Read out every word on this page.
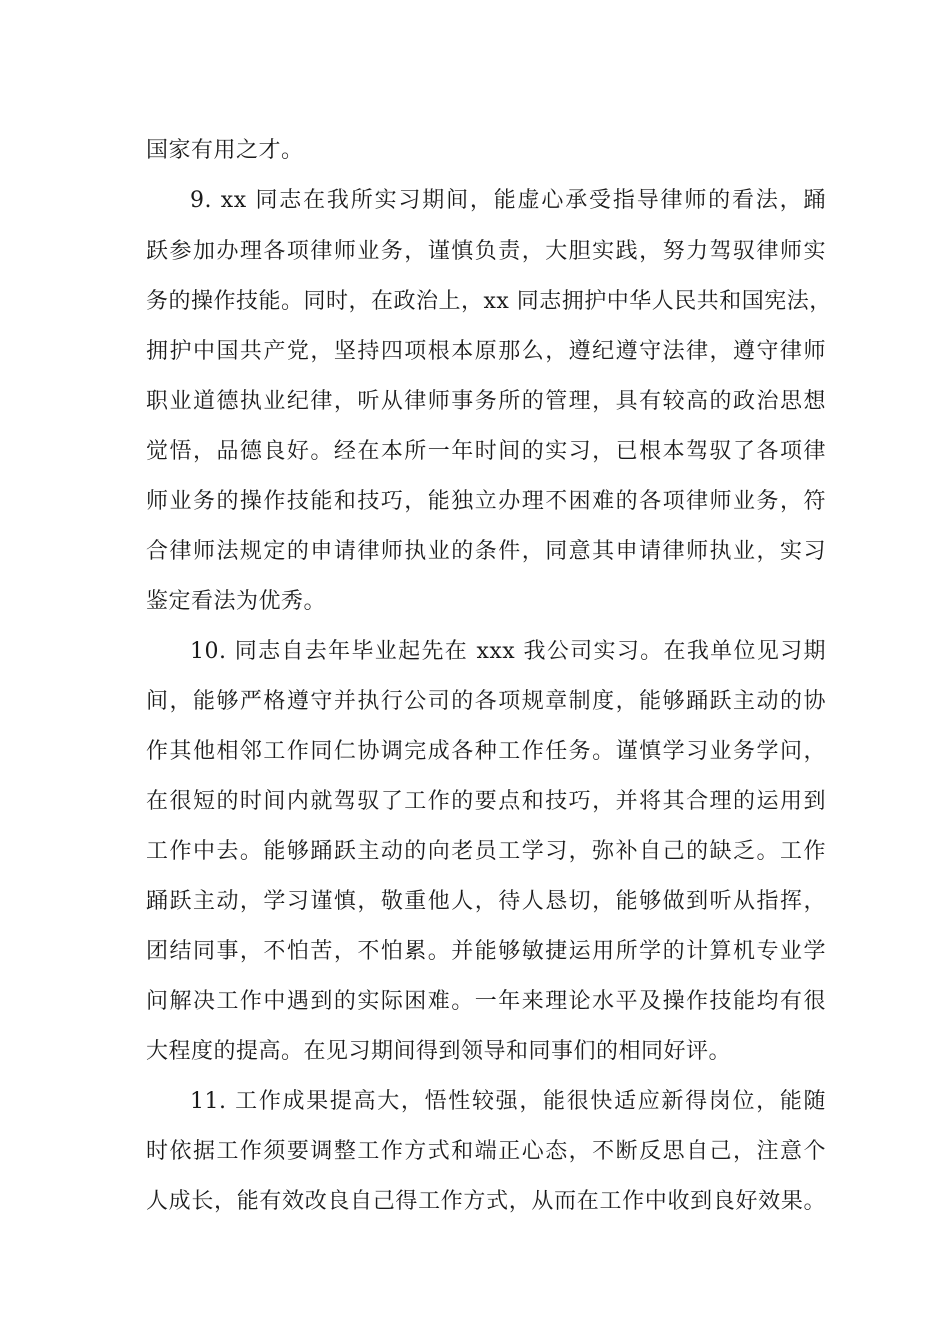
国家有用之才。
9. xx 同志在我所实习期间，能虚心承受指导律师的看法，踊
跃参加办理各项律师业务，谨慎负责，大胆实践，努力驾驭律师实
务的操作技能。同时，在政治上，xx 同志拥护中华人民共和国宪法，
拥护中国共产党，坚持四项根本原那么，遵纪遵守法律，遵守律师
职业道德执业纪律，听从律师事务所的管理，具有较高的政治思想
觉悟，品德良好。经在本所一年时间的实习，已根本驾驭了各项律
师业务的操作技能和技巧，能独立办理不困难的各项律师业务，符
合律师法规定的申请律师执业的条件，同意其申请律师执业，实习
鉴定看法为优秀。
10. 同志自去年毕业起先在 xxx 我公司实习。在我单位见习期
间，能够严格遵守并执行公司的各项规章制度，能够踊跃主动的协
作其他相邻工作同仁协调完成各种工作任务。谨慎学习业务学问，
在很短的时间内就驾驭了工作的要点和技巧，并将其合理的运用到
工作中去。能够踊跃主动的向老员工学习，弥补自己的缺乏。工作
踊跃主动，学习谨慎，敬重他人，待人恳切，能够做到听从指挥，
团结同事，不怕苦，不怕累。并能够敏捷运用所学的计算机专业学
问解决工作中遇到的实际困难。一年来理论水平及操作技能均有很
大程度的提高。在见习期间得到领导和同事们的相同好评。
11. 工作成果提高大，悟性较强，能很快适应新得岗位，能随
时依据工作须要调整工作方式和端正心态，不断反思自己，注意个
人成长，能有效改良自己得工作方式，从而在工作中收到良好效果。
